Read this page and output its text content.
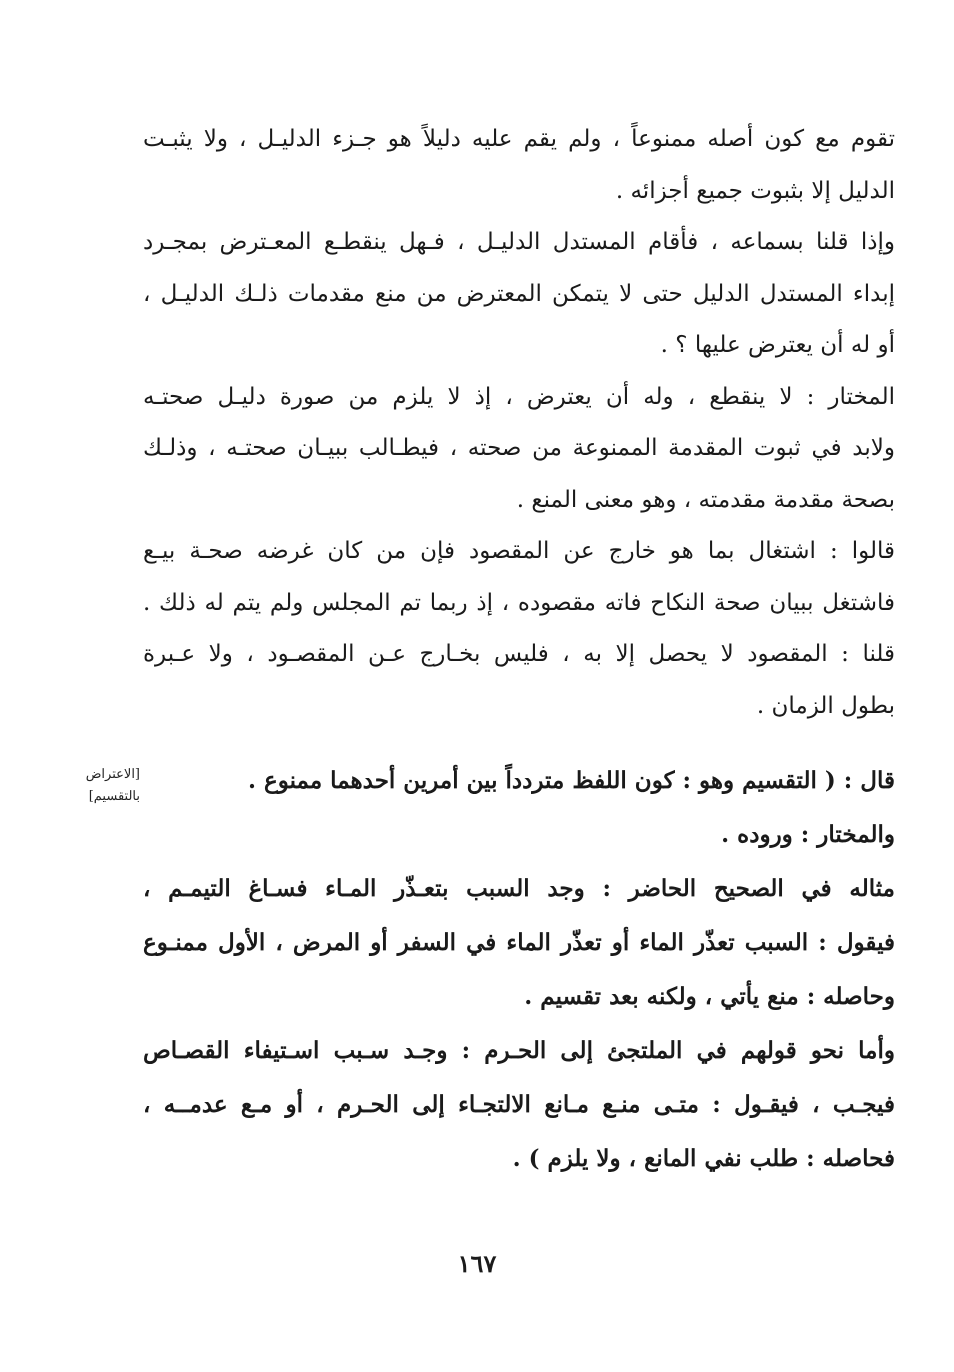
تقوم مع كون أصله ممنوعاً ، ولم يقم عليه دليلاً هو جـزء الدليـل ، ولا يثبـت
الدليل إلا بثبوت جميع أجزائه .
وإذا قلنا بسماعه ، فأقام المستدل الدليـل ، فـهل ينقطـع المعـترض بمجـرد
إبداء المستدل الدليل حتى لا يتمكن المعترض من منع مقدمات ذلـك الدليـل ،
أو له أن يعترض عليها ؟ .
المختار : لا ينقطع ، وله أن يعترض ، إذ لا يلزم من صورة دليـل صحتـه
ولابد في ثبوت المقدمة الممنوعة من صحته ، فيطـالب ببيـان صحتـه ، وذلـك
بصحة مقدمة مقدمته ، وهو معنى المنع .
قالوا : اشتغال بما هو خارج عن المقصود فإن من كان غرضه صحـة بيـع
فاشتغل ببيان صحة النكاح فاته مقصوده ، إذ ربما تم المجلس ولم يتم له ذلك .
قلنا : المقصود لا يحصل إلا به ، فليس بخـارج عـن المقصـود ، ولا عـبرة
بطول الزمان .
[الاعتراض
بالتقسيم]
قال : ( التقسيم وهو : كون اللفظ متردداً بين أمرين أحدهما ممنوع .
والمختار : وروده .
مثاله في الصحيح الحاضر : وجد السبب بتعـذّر المـاء فسـاغ التيمـم ،
فيقول : السبب تعذّر الماء أو تعذّر الماء في السفر أو المرض ، الأول ممنـوع
وحاصله : منع يأتي ، ولكنه بعد تقسيم .
وأما نحو قولهم في الملتجئ إلى الحـرم : وجـد سـبب اسـتيفاء القصـاص
فيجـب ، فيقـول : متـى منـع مـانع الالتجـاء إلى الحـرم ، أو مـع عدمــه ،
فحاصله : طلب نفي المانع ، ولا يلزم ) .
١٦٧
